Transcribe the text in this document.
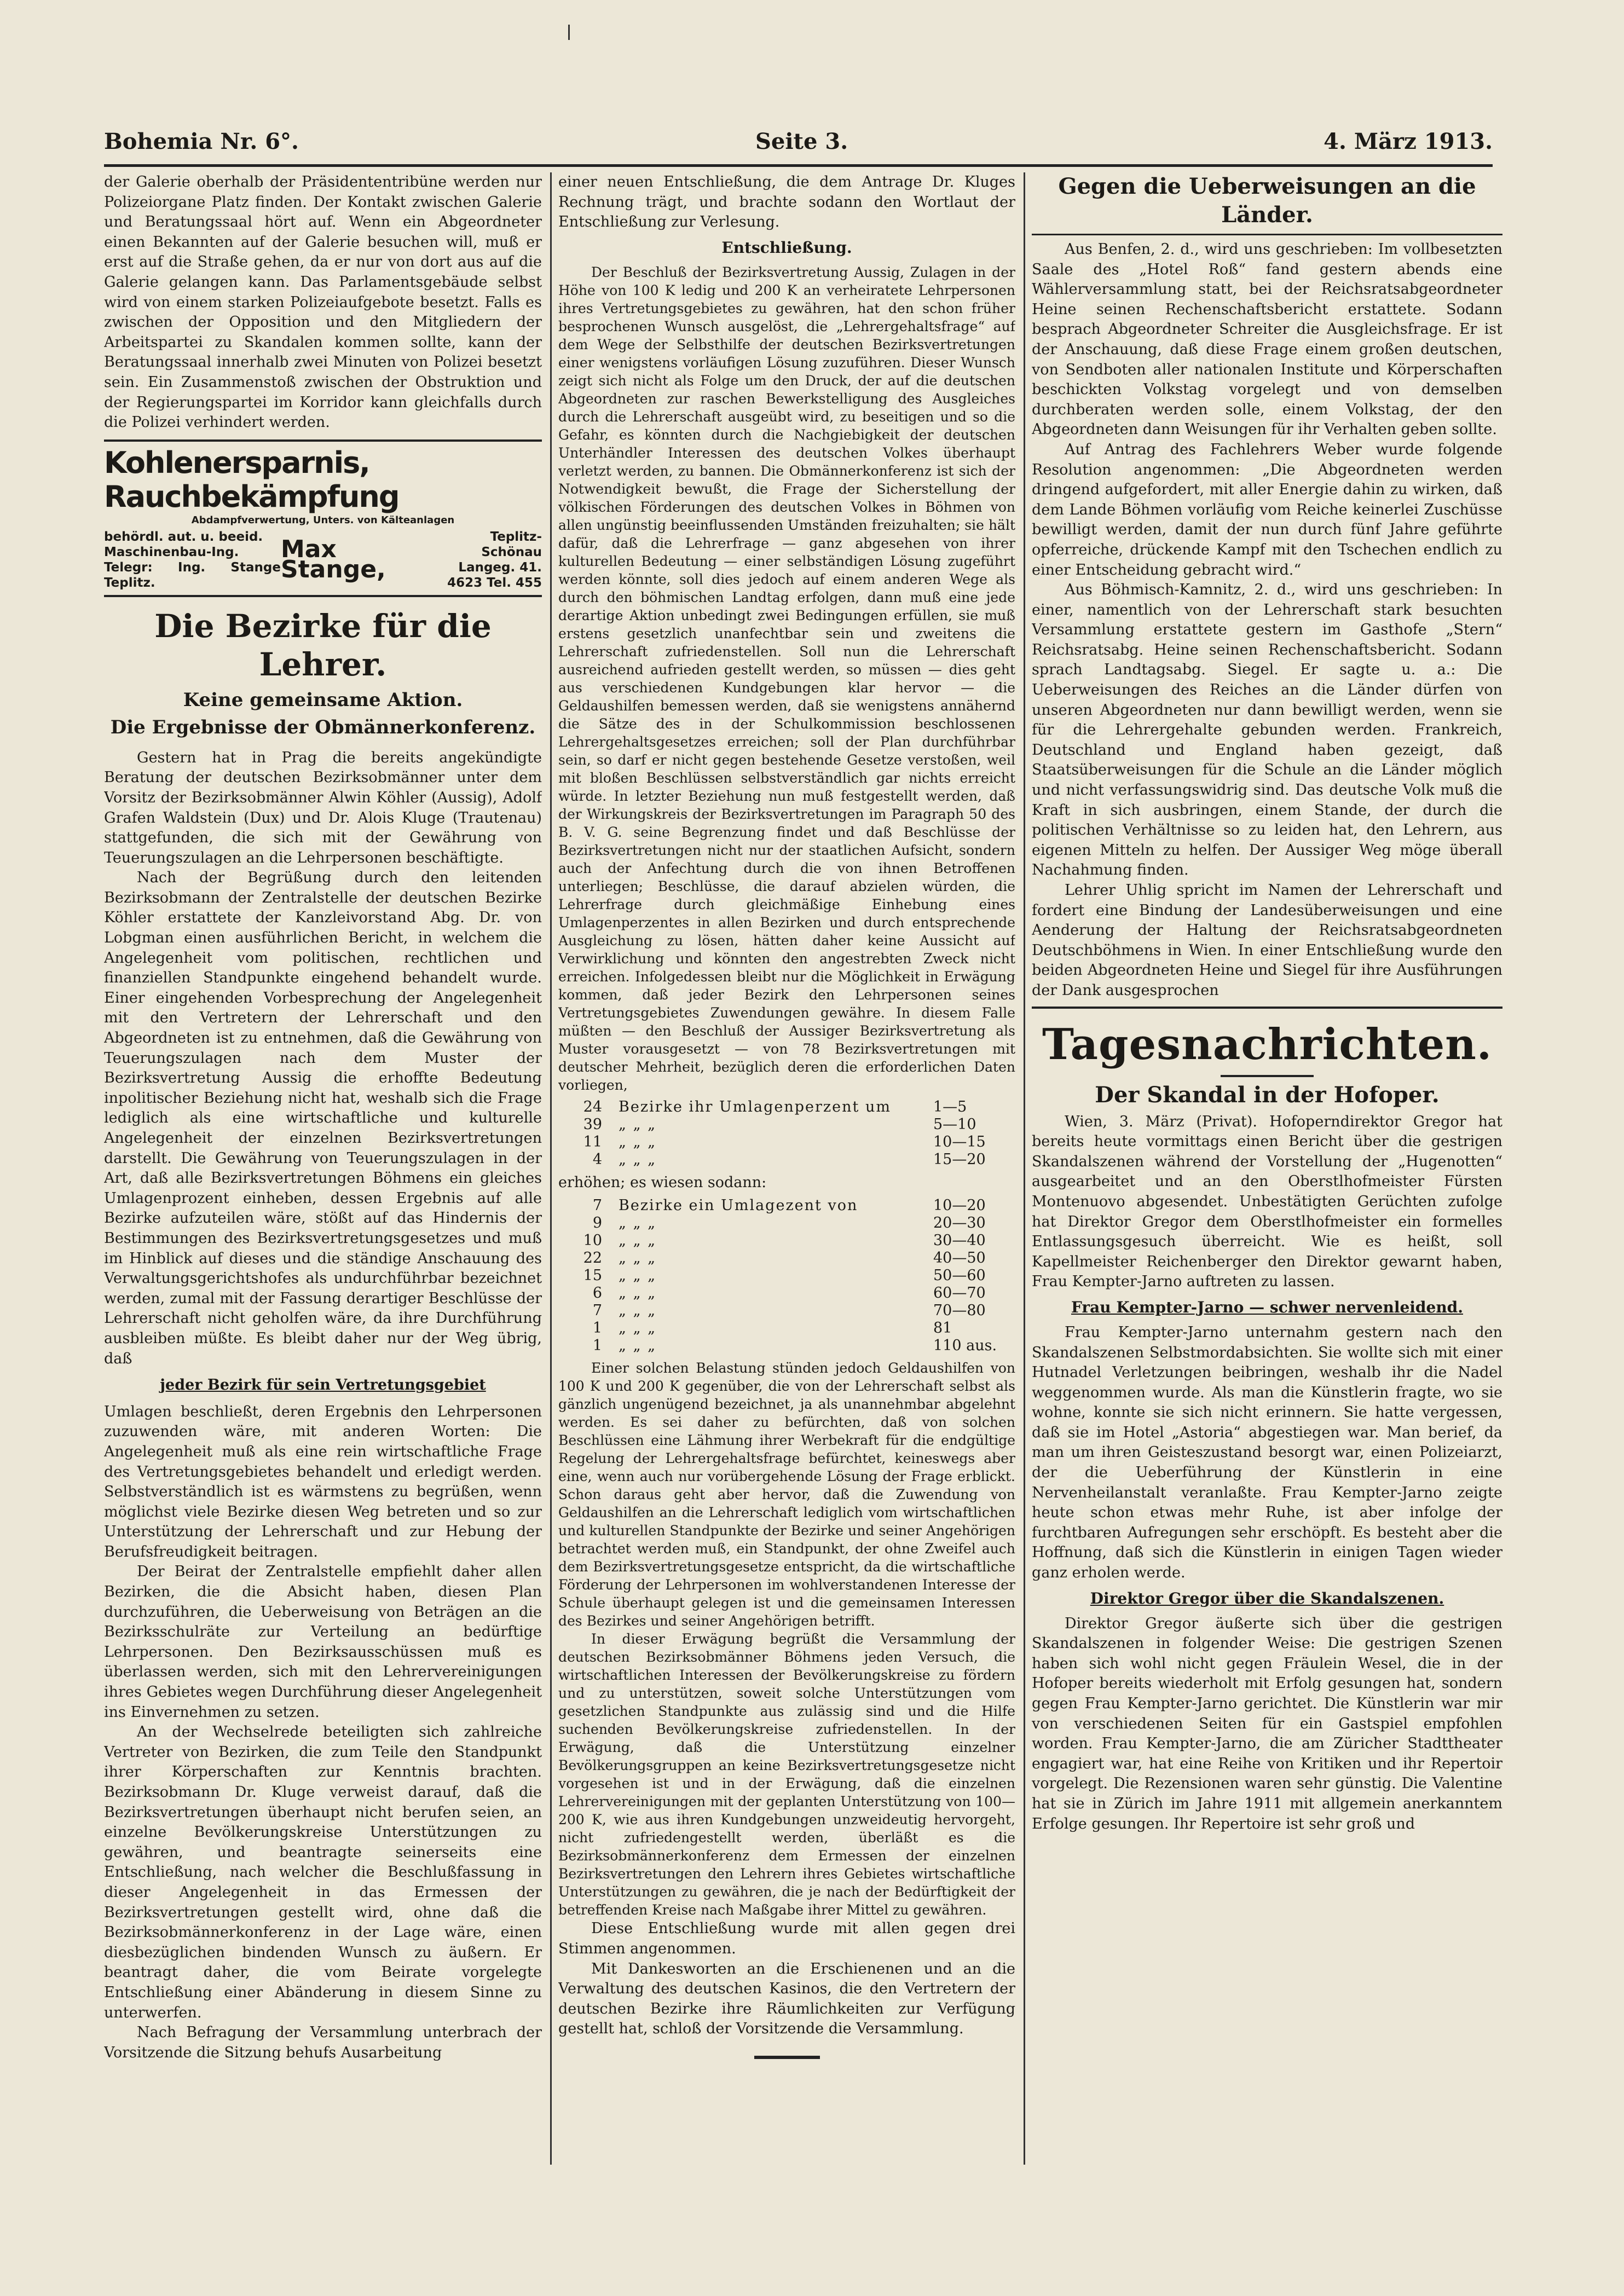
Bohemia Nr. 6°.	Seite 3.	4. März 1913.

der Galerie oberhalb der Präsidententribüne werden nur Polizeiorgane Platz finden. Der Kontakt zwischen Galerie und Beratungssaal hört auf. Wenn ein Abgeordneter einen Bekannten auf der Galerie besuchen will, muß er erst auf die Straße gehen, da er nur von dort aus auf die Galerie gelangen kann. Das Parlamentsgebäude selbst wird von einem starken Polizeiaufgebote besetzt. Falls es zwischen der Opposition und den Mitgliedern der Arbeitspartei zu Skandalen kommen sollte, kann der Beratungssaal innerhalb zwei Minuten von Polizei besetzt sein. Ein Zusammenstoß zwischen der Obstruktion und der Regierungspartei im Korridor kann gleichfalls durch die Polizei verhindert werden.

Kohlenersparnis, Rauchbekämpfung
Abdampfverwertung, Unters. von Kälteanlagen
behördl. aut. u. beeid.
Maschinenbau-Ing.
Telegr: Ing. Stange Teplitz.
Max Stange,
Teplitz-Schönau
Langeg. 41.
4623 Tel. 455
Die Bezirke für die Lehrer.
Keine gemeinsame Aktion.
Die Ergebnisse der Obmännerkonferenz.

Gestern hat in Prag die bereits angekündigte Beratung der deutschen Bezirksobmänner unter dem Vorsitz der Bezirksobmänner Alwin Köhler (Aussig), Adolf Grafen Waldstein (Dux) und Dr. Alois Kluge (Trautenau) stattgefunden, die sich mit der Gewährung von Teuerungszulagen an die Lehrpersonen beschäftigte.

Nach der Begrüßung durch den leitenden Bezirksobmann der Zentralstelle der deutschen Bezirke Köhler erstattete der Kanzleivorstand Abg. Dr. von Lobgman einen ausführlichen Bericht, in welchem die Angelegenheit vom politischen, rechtlichen und finanziellen Standpunkte eingehend behandelt wurde. Einer eingehenden Vorbesprechung der Angelegenheit mit den Vertretern der Lehrerschaft und den Abgeordneten ist zu entnehmen, daß die Gewährung von Teuerungszulagen nach dem Muster der Bezirksvertretung Aussig die erhoffte Bedeutung inpolitischer Beziehung nicht hat, weshalb sich die Frage lediglich als eine wirtschaftliche und kulturelle Angelegenheit der einzelnen Bezirksvertretungen darstellt. Die Gewährung von Teuerungszulagen in der Art, daß alle Bezirksvertretungen Böhmens ein gleiches Umlagenprozent einheben, dessen Ergebnis auf alle Bezirke aufzuteilen wäre, stößt auf das Hindernis der Bestimmungen des Bezirksvertretungsgesetzes und muß im Hinblick auf dieses und die ständige Anschauung des Verwaltungsgerichtshofes als undurchführbar bezeichnet werden, zumal mit der Fassung derartiger Beschlüsse der Lehrerschaft nicht geholfen wäre, da ihre Durchführung ausbleiben müßte. Es bleibt daher nur der Weg übrig, daß

jeder Bezirk für sein Vertretungsgebiet

Umlagen beschließt, deren Ergebnis den Lehrpersonen zuzuwenden wäre, mit anderen Worten: Die Angelegenheit muß als eine rein wirtschaftliche Frage des Vertretungsgebietes behandelt und erledigt werden. Selbstverständlich ist es wärmstens zu begrüßen, wenn möglichst viele Bezirke diesen Weg betreten und so zur Unterstützung der Lehrerschaft und zur Hebung der Berufsfreudigkeit beitragen.

Der Beirat der Zentralstelle empfiehlt daher allen Bezirken, die die Absicht haben, diesen Plan durchzuführen, die Ueberweisung von Beträgen an die Bezirksschulräte zur Verteilung an bedürftige Lehrpersonen. Den Bezirksausschüssen muß es überlassen werden, sich mit den Lehrervereinigungen ihres Gebietes wegen Durchführung dieser Angelegenheit ins Einvernehmen zu setzen.

An der Wechselrede beteiligten sich zahlreiche Vertreter von Bezirken, die zum Teile den Standpunkt ihrer Körperschaften zur Kenntnis brachten. Bezirksobmann Dr. Kluge verweist darauf, daß die Bezirksvertretungen überhaupt nicht berufen seien, an einzelne Bevölkerungskreise Unterstützungen zu gewähren, und beantragte seinerseits eine Entschließung, nach welcher die Beschlußfassung in dieser Angelegenheit in das Ermessen der Bezirksvertretungen gestellt wird, ohne daß die Bezirksobmännerkonferenz in der Lage wäre, einen diesbezüglichen bindenden Wunsch zu äußern. Er beantragt daher, die vom Beirate vorgelegte Entschließung einer Abänderung in diesem Sinne zu unterwerfen.

Nach Befragung der Versammlung unterbrach der Vorsitzende die Sitzung behufs Ausarbeitung

einer neuen Entschließung, die dem Antrage Dr. Kluges Rechnung trägt, und brachte sodann den Wortlaut der Entschließung zur Verlesung.

Entschließung.

Der Beschluß der Bezirksvertretung Aussig, Zulagen in der Höhe von 100 K ledig und 200 K an verheiratete Lehrpersonen ihres Vertretungsgebietes zu gewähren, hat den schon früher besprochenen Wunsch ausgelöst, die „Lehrergehaltsfrage“ auf dem Wege der Selbsthilfe der deutschen Bezirksvertretungen einer wenigstens vorläufigen Lösung zuzuführen. Dieser Wunsch zeigt sich nicht als Folge um den Druck, der auf die deutschen Abgeordneten zur raschen Bewerkstelligung des Ausgleiches durch die Lehrerschaft ausgeübt wird, zu beseitigen und so die Gefahr, es könnten durch die Nachgiebigkeit der deutschen Unterhändler Interessen des deutschen Volkes überhaupt verletzt werden, zu bannen. Die Obmännerkonferenz ist sich der Notwendigkeit bewußt, die Frage der Sicherstellung der völkischen Förderungen des deutschen Volkes in Böhmen von allen ungünstig beeinflussenden Umständen freizuhalten; sie hält dafür, daß die Lehrerfrage — ganz abgesehen von ihrer kulturellen Bedeutung — einer selbständigen Lösung zugeführt werden könnte, soll dies jedoch auf einem anderen Wege als durch den böhmischen Landtag erfolgen, dann muß eine jede derartige Aktion unbedingt zwei Bedingungen erfüllen, sie muß erstens gesetzlich unanfechtbar sein und zweitens die Lehrerschaft zufriedenstellen. Soll nun die Lehrerschaft ausreichend aufrieden gestellt werden, so müssen — dies geht aus verschiedenen Kundgebungen klar hervor — die Geldaushilfen bemessen werden, daß sie wenigstens annähernd die Sätze des in der Schulkommission beschlossenen Lehrergehaltsgesetzes erreichen; soll der Plan durchführbar sein, so darf er nicht gegen bestehende Gesetze verstoßen, weil mit bloßen Beschlüssen selbstverständlich gar nichts erreicht würde. In letzter Beziehung nun muß festgestellt werden, daß der Wirkungskreis der Bezirksvertretungen im Paragraph 50 des B. V. G. seine Begrenzung findet und daß Beschlüsse der Bezirksvertretungen nicht nur der staatlichen Aufsicht, sondern auch der Anfechtung durch die von ihnen Betroffenen unterliegen; Beschlüsse, die darauf abzielen würden, die Lehrerfrage durch gleichmäßige Einhebung eines Umlagenperzentes in allen Bezirken und durch entsprechende Ausgleichung zu lösen, hätten daher keine Aussicht auf Verwirklichung und könnten den angestrebten Zweck nicht erreichen. Infolgedessen bleibt nur die Möglichkeit in Erwägung kommen, daß jeder Bezirk den Lehrpersonen seines Vertretungsgebietes Zuwendungen gewähre. In diesem Falle müßten — den Beschluß der Aussiger Bezirksvertretung als Muster vorausgesetzt — von 78 Bezirksvertretungen mit deutscher Mehrheit, bezüglich deren die erforderlichen Daten vorliegen,

24 Bezirke ihr Umlagenperzent um	1—5
39 „ „ „	5—10
11 „ „ „	10—15
4 „ „ „	15—20

erhöhen; es wiesen sodann:

7 Bezirke ein Umlagezent von	10—20
9 „ „ „	20—30
10 „ „ „	30—40
22 „ „ „	40—50
15 „ „ „	50—60
6 „ „ „	60—70
7 „ „ „	70—80
1 „ „ „	81
1 „ „ „	110 aus.

Einer solchen Belastung stünden jedoch Geldaushilfen von 100 K und 200 K gegenüber, die von der Lehrerschaft selbst als gänzlich ungenügend bezeichnet, ja als unannehmbar abgelehnt werden. Es sei daher zu befürchten, daß von solchen Beschlüssen eine Lähmung ihrer Werbekraft für die endgültige Regelung der Lehrergehaltsfrage befürchtet, keineswegs aber eine, wenn auch nur vorübergehende Lösung der Frage erblickt. Schon daraus geht aber hervor, daß die Zuwendung von Geldaushilfen an die Lehrerschaft lediglich vom wirtschaftlichen und kulturellen Standpunkte der Bezirke und seiner Angehörigen betrachtet werden muß, ein Standpunkt, der ohne Zweifel auch dem Bezirksvertretungsgesetze entspricht, da die wirtschaftliche Förderung der Lehrpersonen im wohlverstandenen Interesse der Schule überhaupt gelegen ist und die gemeinsamen Interessen des Bezirkes und seiner Angehörigen betrifft.

In dieser Erwägung begrüßt die Versammlung der deutschen Bezirksobmänner Böhmens jeden Versuch, die wirtschaftlichen Interessen der Bevölkerungskreise zu fördern und zu unterstützen, soweit solche Unterstützungen vom gesetzlichen Standpunkte aus zulässig sind und die Hilfe suchenden Bevölkerungskreise zufriedenstellen. In der Erwägung, daß die Unterstützung einzelner Bevölkerungsgruppen an keine Bezirksvertretungsgesetze nicht vorgesehen ist und in der Erwägung, daß die einzelnen Lehrervereinigungen mit der geplanten Unterstützung von 100—200 K, wie aus ihren Kundgebungen unzweideutig hervorgeht, nicht zufriedengestellt werden, überläßt es die Bezirksobmännerkonferenz dem Ermessen der einzelnen Bezirksvertretungen den Lehrern ihres Gebietes wirtschaftliche Unterstützungen zu gewähren, die je nach der Bedürftigkeit der betreffenden Kreise nach Maßgabe ihrer Mittel zu gewähren.

Diese Entschließung wurde mit allen gegen drei Stimmen angenommen.

Mit Dankesworten an die Erschienenen und an die Verwaltung des deutschen Kasinos, die den Vertretern der deutschen Bezirke ihre Räumlichkeiten zur Verfügung gestellt hat, schloß der Vorsitzende die Versammlung.

Gegen die Ueberweisungen an die Länder.

Aus Benfen, 2. d., wird uns geschrieben: Im vollbesetzten Saale des „Hotel Roß“ fand gestern abends eine Wählerversammlung statt, bei der Reichsratsabgeordneter Heine seinen Rechenschaftsbericht erstattete. Sodann besprach Abgeordneter Schreiter die Ausgleichsfrage. Er ist der Anschauung, daß diese Frage einem großen deutschen, von Sendboten aller nationalen Institute und Körperschaften beschickten Volkstag vorgelegt und von demselben durchberaten werden solle, einem Volkstag, der den Abgeordneten dann Weisungen für ihr Verhalten geben sollte.

Auf Antrag des Fachlehrers Weber wurde folgende Resolution angenommen: „Die Abgeordneten werden dringend aufgefordert, mit aller Energie dahin zu wirken, daß dem Lande Böhmen vorläufig vom Reiche keinerlei Zuschüsse bewilligt werden, damit der nun durch fünf Jahre geführte opferreiche, drückende Kampf mit den Tschechen endlich zu einer Entscheidung gebracht wird.“

Aus Böhmisch-Kamnitz, 2. d., wird uns geschrieben: In einer, namentlich von der Lehrerschaft stark besuchten Versammlung erstattete gestern im Gasthofe „Stern“ Reichsratsabg. Heine seinen Rechenschaftsbericht. Sodann sprach Landtagsabg. Siegel. Er sagte u. a.: Die Ueberweisungen des Reiches an die Länder dürfen von unseren Abgeordneten nur dann bewilligt werden, wenn sie für die Lehrergehalte gebunden werden. Frankreich, Deutschland und England haben gezeigt, daß Staatsüberweisungen für die Schule an die Länder möglich und nicht verfassungswidrig sind. Das deutsche Volk muß die Kraft in sich ausbringen, einem Stande, der durch die politischen Verhältnisse so zu leiden hat, den Lehrern, aus eigenen Mitteln zu helfen. Der Aussiger Weg möge überall Nachahmung finden.

Lehrer Uhlig spricht im Namen der Lehrerschaft und fordert eine Bindung der Landesüberweisungen und eine Aenderung der Haltung der Reichsratsabgeordneten Deutschböhmens in Wien. In einer Entschließung wurde den beiden Abgeordneten Heine und Siegel für ihre Ausführungen der Dank ausgesprochen

Tagesnachrichten.
Der Skandal in der Hofoper.

Wien, 3. März (Privat). Hofoperndirektor Gregor hat bereits heute vormittags einen Bericht über die gestrigen Skandalszenen während der Vorstellung der „Hugenotten“ ausgearbeitet und an den Oberstlhofmeister Fürsten Montenuovo abgesendet. Unbestätigten Gerüchten zufolge hat Direktor Gregor dem Oberstlhofmeister ein formelles Entlassungsgesuch überreicht. Wie es heißt, soll Kapellmeister Reichenberger den Direktor gewarnt haben, Frau Kempter-Jarno auftreten zu lassen.

Frau Kempter-Jarno — schwer nervenleidend.

Frau Kempter-Jarno unternahm gestern nach den Skandalszenen Selbstmordabsichten. Sie wollte sich mit einer Hutnadel Verletzungen beibringen, weshalb ihr die Nadel weggenommen wurde. Als man die Künstlerin fragte, wo sie wohne, konnte sie sich nicht erinnern. Sie hatte vergessen, daß sie im Hotel „Astoria“ abgestiegen war. Man berief, da man um ihren Geisteszustand besorgt war, einen Polizeiarzt, der die Ueberführung der Künstlerin in eine Nervenheilanstalt veranlaßte. Frau Kempter-Jarno zeigte heute schon etwas mehr Ruhe, ist aber infolge der furchtbaren Aufregungen sehr erschöpft. Es besteht aber die Hoffnung, daß sich die Künstlerin in einigen Tagen wieder ganz erholen werde.

Direktor Gregor über die Skandalszenen.

Direktor Gregor äußerte sich über die gestrigen Skandalszenen in folgender Weise: Die gestrigen Szenen haben sich wohl nicht gegen Fräulein Wesel, die in der Hofoper bereits wiederholt mit Erfolg gesungen hat, sondern gegen Frau Kempter-Jarno gerichtet. Die Künstlerin war mir von verschiedenen Seiten für ein Gastspiel empfohlen worden. Frau Kempter-Jarno, die am Züricher Stadttheater engagiert war, hat eine Reihe von Kritiken und ihr Repertoir vorgelegt. Die Rezensionen waren sehr günstig. Die Valentine hat sie in Zürich im Jahre 1911 mit allgemein anerkanntem Erfolge gesungen. Ihr Repertoire ist sehr groß und
